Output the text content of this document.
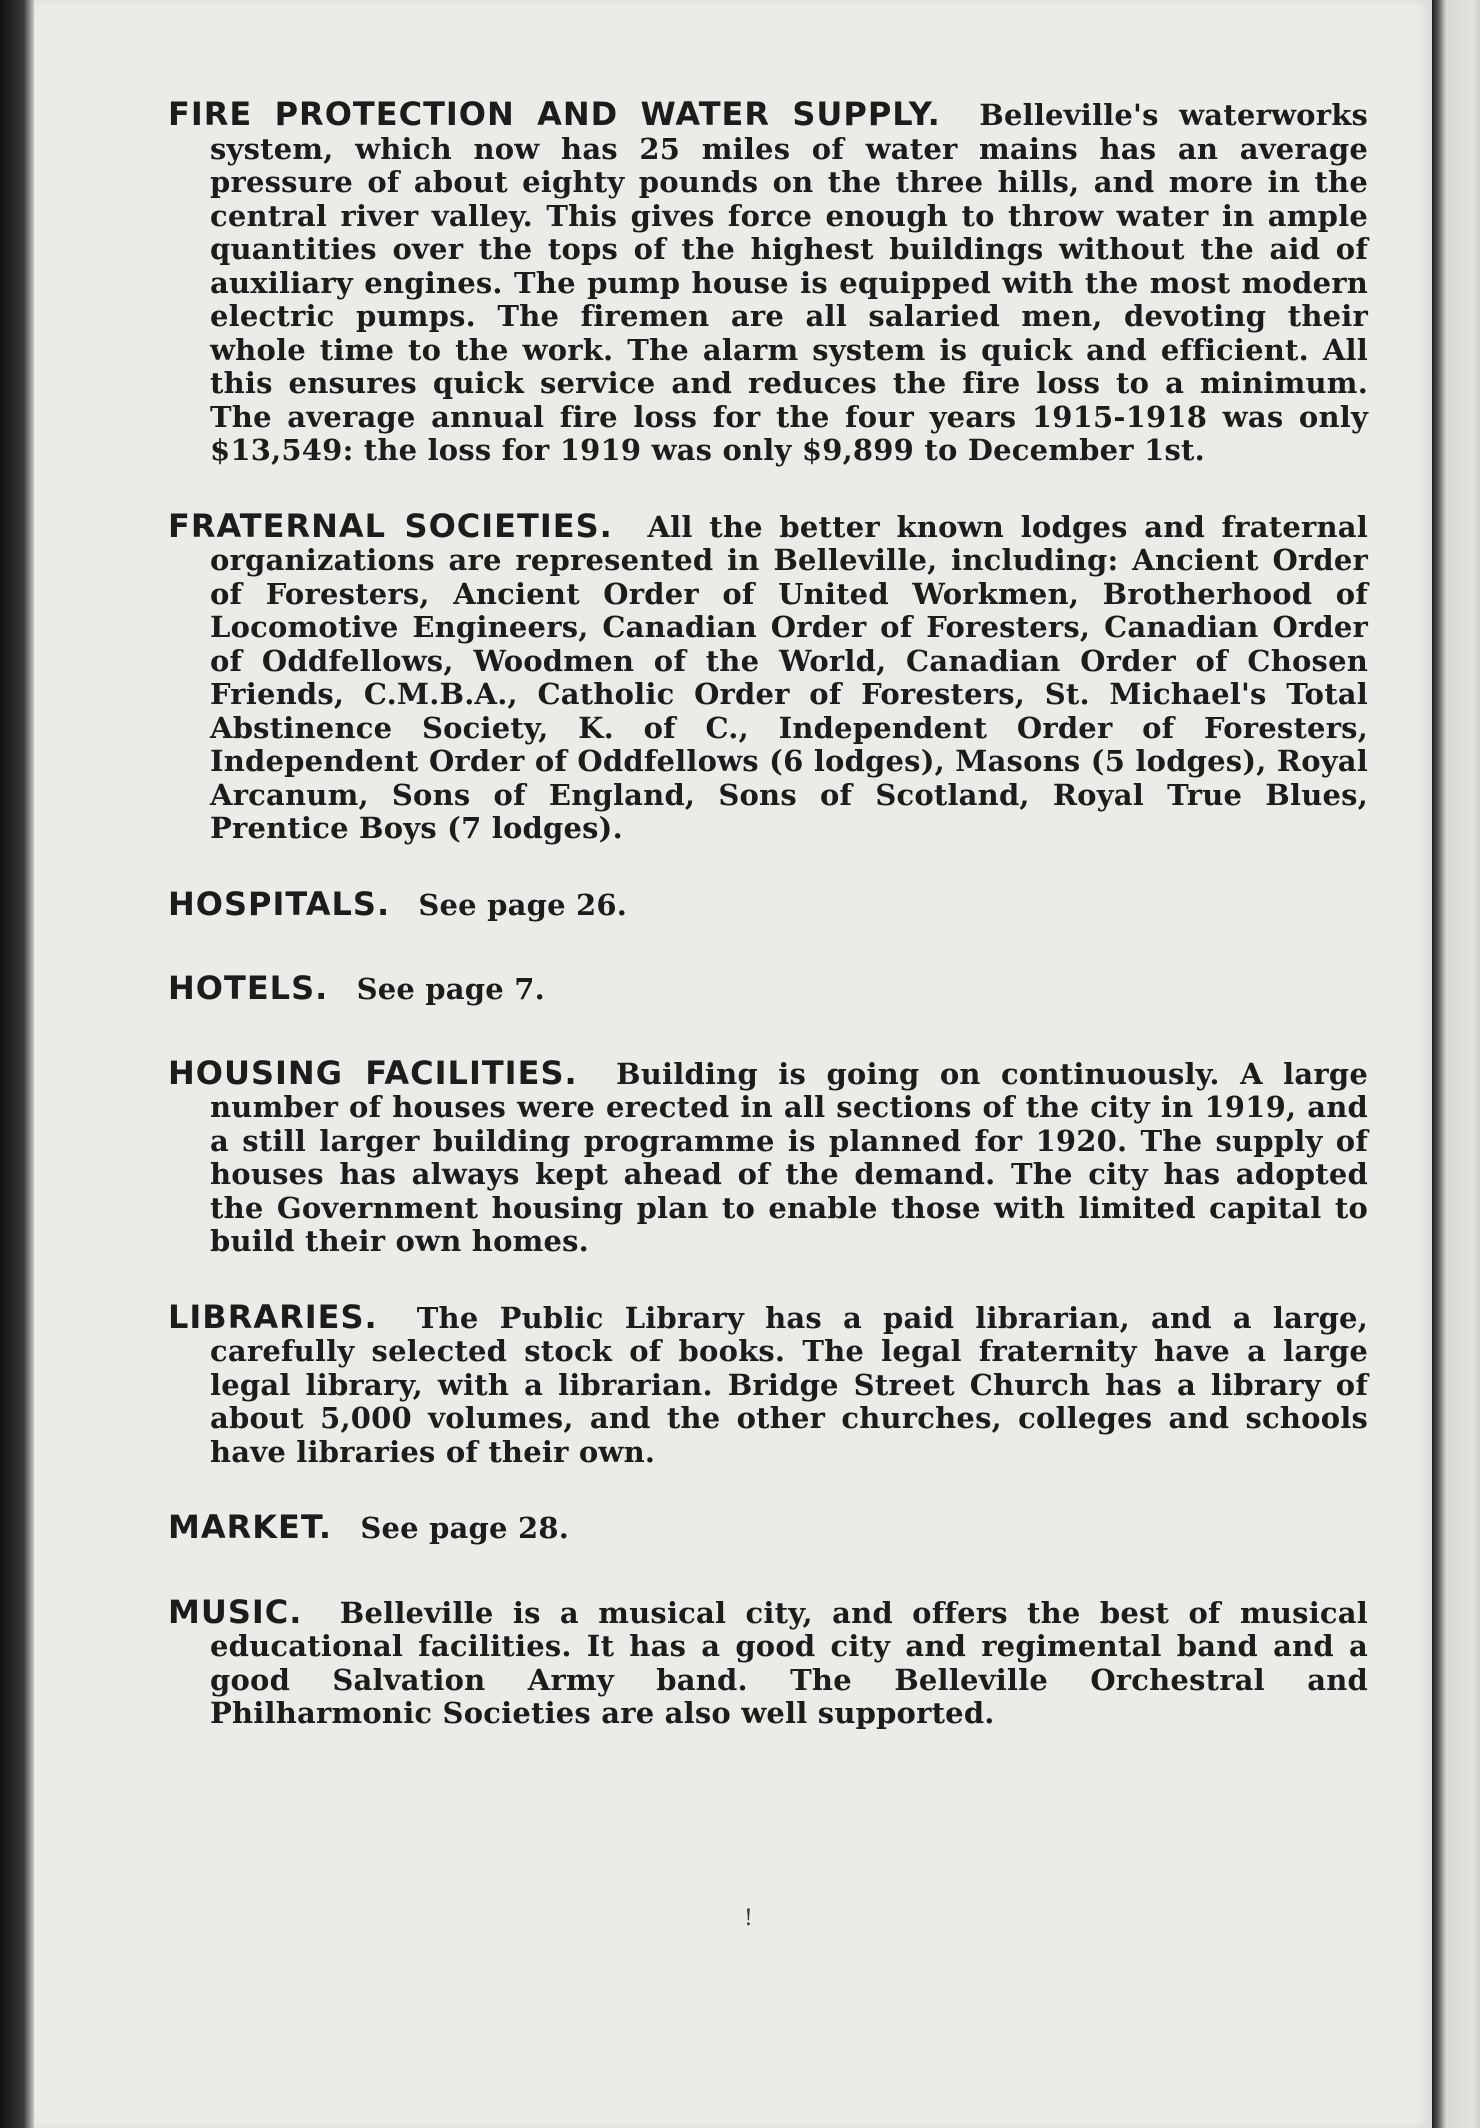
FIRE PROTECTION AND WATER SUPPLY. Belleville's waterworks system, which now has 25 miles of water mains has an average pressure of about eighty pounds on the three hills, and more in the central river valley. This gives force enough to throw water in ample quantities over the tops of the highest buildings without the aid of auxiliary engines. The pump house is equipped with the most modern electric pumps. The firemen are all salaried men, devoting their whole time to the work. The alarm system is quick and efficient. All this ensures quick service and reduces the fire loss to a minimum. The average annual fire loss for the four years 1915-1918 was only $13,549: the loss for 1919 was only $9,899 to December 1st.

FRATERNAL SOCIETIES. All the better known lodges and fraternal organizations are represented in Belleville, including: Ancient Order of Foresters, Ancient Order of United Workmen, Brotherhood of Locomotive Engineers, Canadian Order of Foresters, Canadian Order of Oddfellows, Woodmen of the World, Canadian Order of Chosen Friends, C.M.B.A., Catholic Order of Foresters, St. Michael's Total Abstinence Society, K. of C., Independent Order of Foresters, Independent Order of Oddfellows (6 lodges), Masons (5 lodges), Royal Arcanum, Sons of England, Sons of Scotland, Royal True Blues, Prentice Boys (7 lodges).

HOSPITALS. See page 26.

HOTELS. See page 7.

HOUSING FACILITIES. Building is going on continuously. A large number of houses were erected in all sections of the city in 1919, and a still larger building programme is planned for 1920. The supply of houses has always kept ahead of the demand. The city has adopted the Government housing plan to enable those with limited capital to build their own homes.

LIBRARIES. The Public Library has a paid librarian, and a large, carefully selected stock of books. The legal fraternity have a large legal library, with a librarian. Bridge Street Church has a library of about 5,000 volumes, and the other churches, colleges and schools have libraries of their own.

MARKET. See page 28.

MUSIC. Belleville is a musical city, and offers the best of musical educational facilities. It has a good city and regimental band and a good Salvation Army band. The Belleville Orchestral and Philharmonic Societies are also well supported.

!
